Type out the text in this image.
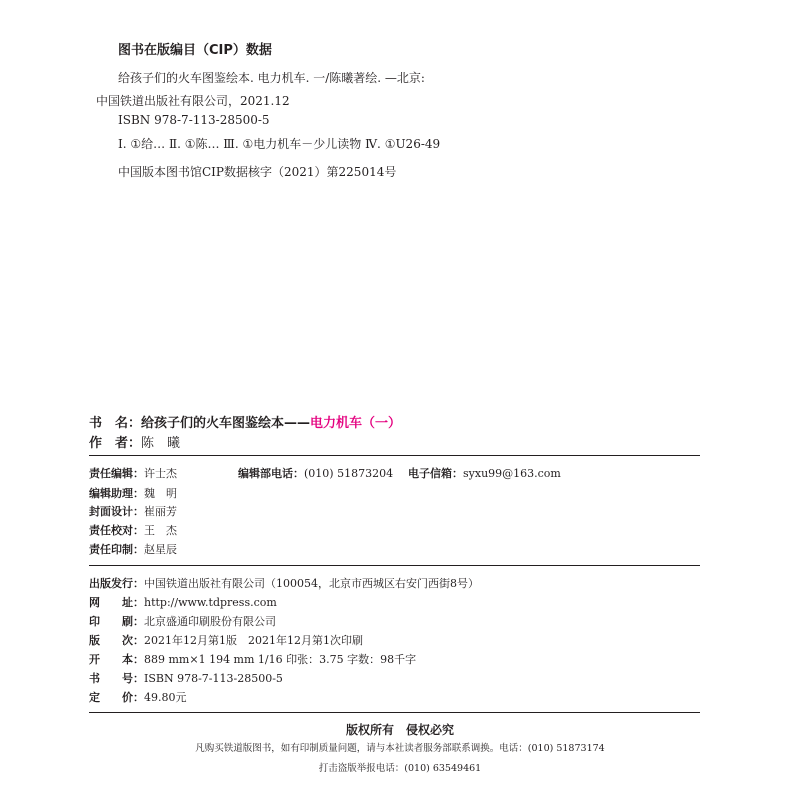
图书在版编目（CIP）数据
给孩子们的火车图鉴绘本. 电力机车. 一/陈曦著绘. —北京:
中国铁道出版社有限公司，2021.12
ISBN 978-7-113-28500-5
Ⅰ. ①给… Ⅱ. ①陈… Ⅲ. ①电力机车－少儿读物 Ⅳ. ①U26-49
中国版本图书馆CIP数据核字（2021）第225014号
书　名：给孩子们的火车图鉴绘本——电力机车（一）
作　者：陈　曦
责任编辑：许士杰	编辑部电话：(010) 51873204 电子信箱：syxu99@163.com
编辑助理：魏　明
封面设计：崔丽芳
责任校对：王　杰
责任印制：赵星辰
出版发行：中国铁道出版社有限公司（100054，北京市西城区右安门西街8号）
网　　址：http://www.tdpress.com
印　　刷：北京盛通印刷股份有限公司
版　　次：2021年12月第1版　2021年12月第1次印刷
开　　本：889 mm×1 194 mm 1/16 印张：3.75 字数：98千字
书　　号：ISBN 978-7-113-28500-5
定　　价：49.80元
版权所有　侵权必究
凡购买铁道版图书，如有印制质量问题，请与本社读者服务部联系调换。电话：(010) 51873174
打击盗版举报电话：(010) 63549461
